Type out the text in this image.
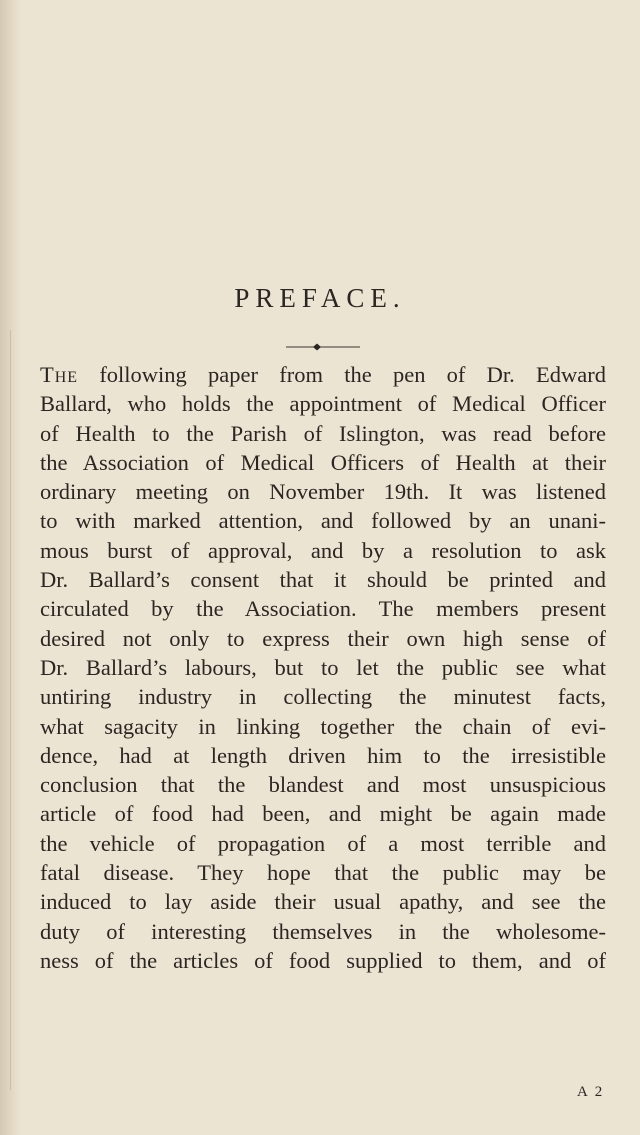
PREFACE.
The following paper from the pen of Dr. Edward
Ballard, who holds the appointment of Medical Officer
of Health to the Parish of Islington, was read before
the Association of Medical Officers of Health at their
ordinary meeting on November 19th. It was listened
to with marked attention, and followed by an unani-
mous burst of approval, and by a resolution to ask
Dr. Ballard’s consent that it should be printed and
circulated by the Association. The members present
desired not only to express their own high sense of
Dr. Ballard’s labours, but to let the public see what
untiring industry in collecting the minutest facts,
what sagacity in linking together the chain of evi-
dence, had at length driven him to the irresistible
conclusion that the blandest and most unsuspicious
article of food had been, and might be again made
the vehicle of propagation of a most terrible and
fatal disease. They hope that the public may be
induced to lay aside their usual apathy, and see the
duty of interesting themselves in the wholesome-
ness of the articles of food supplied to them, and of
A 2
